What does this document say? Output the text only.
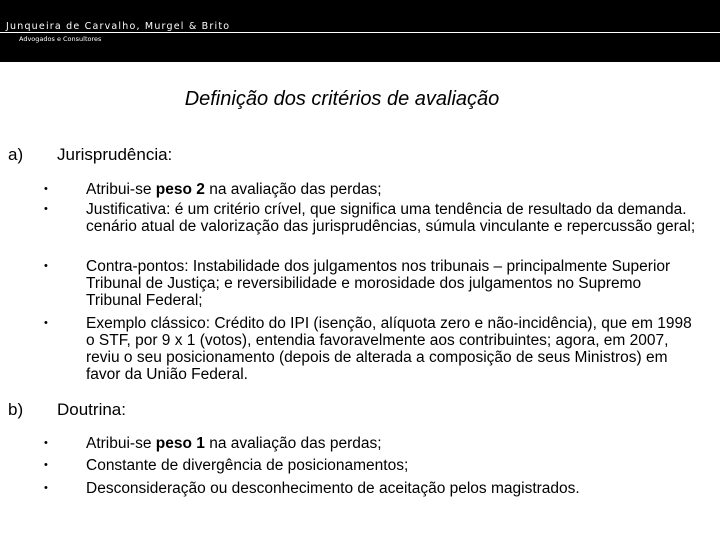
Junqueira de Carvalho, Murgel & Brito
Advogados e Consultores
Definição dos critérios de avaliação
a) Jurisprudência:
• Atribui-se peso 2 na avaliação das perdas;
• Justificativa: é um critério crível, que significa uma tendência de resultado da demanda. cenário atual de valorização das jurisprudências, súmula vinculante e repercussão geral;
• Contra-pontos: Instabilidade dos julgamentos nos tribunais – principalmente Superior Tribunal de Justiça; e reversibilidade e morosidade dos julgamentos no Supremo Tribunal Federal;
• Exemplo clássico: Crédito do IPI (isenção, alíquota zero e não-incidência), que em 1998 o STF, por 9 x 1 (votos), entendia favoravelmente aos contribuintes; agora, em 2007, reviu o seu posicionamento (depois de alterada a composição de seus Ministros) em favor da União Federal.
b) Doutrina:
• Atribui-se peso 1 na avaliação das perdas;
• Constante de divergência de posicionamentos;
• Desconsideração ou desconhecimento de aceitação pelos magistrados.
